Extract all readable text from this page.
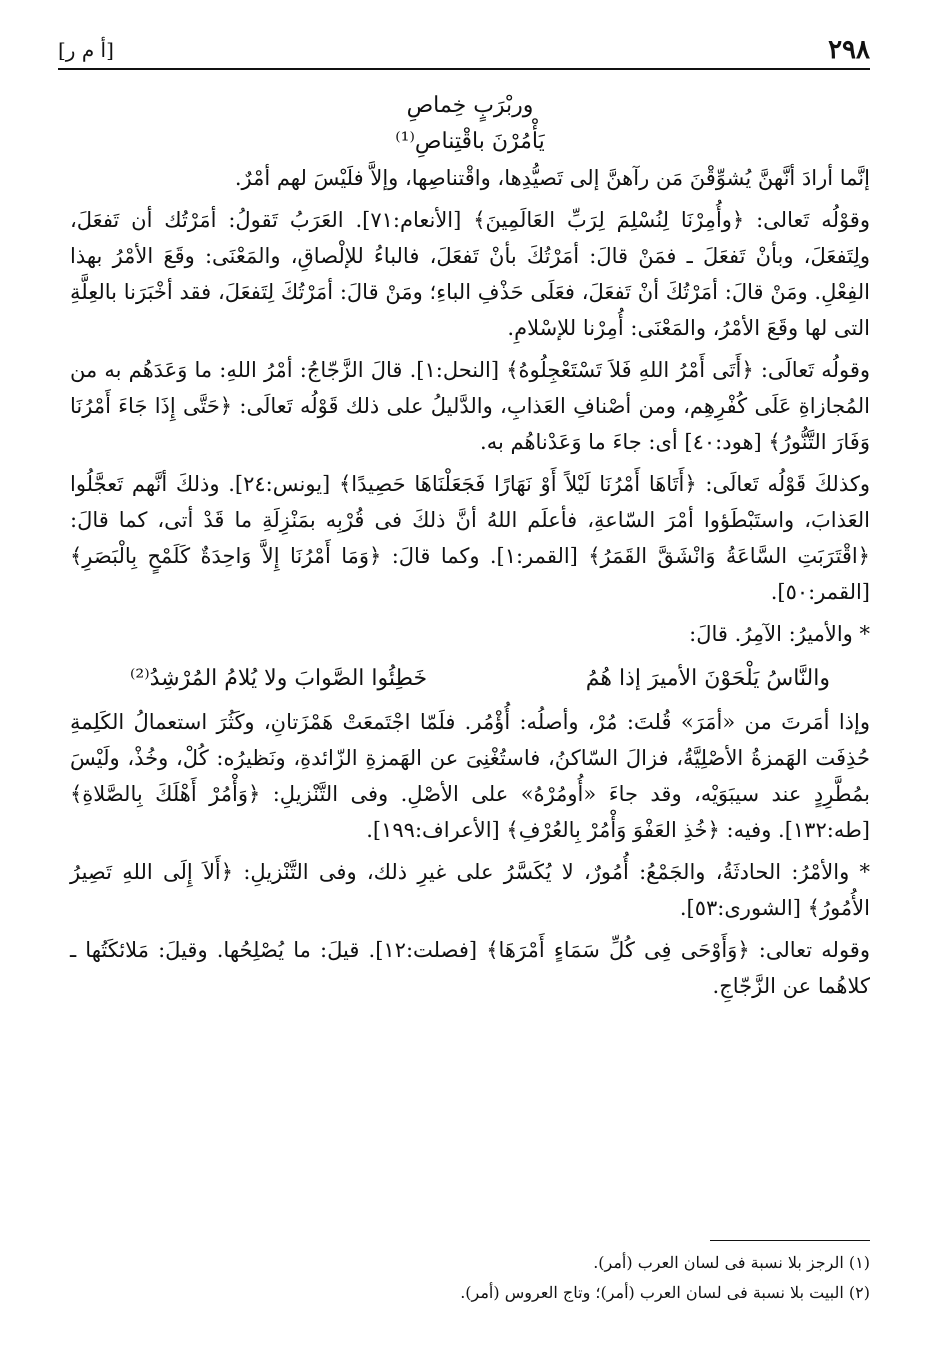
٢٩٨
[أ م ر]

وربْرَبٍ خِماصِ

يَأْمُرْنَ باقْتِناصِ⁽¹⁾

إنَّما أرادَ أنَّهنَّ يُشوِّقْنَ مَن رآهنَّ إلى تَصيُّدِها، واقْتناصِها، وإلاَّ فلَيْسَ لهم أمْرٌ.

وقوْلُه تَعالى: ﴿وأُمِرْنَا لِنُسْلِمَ لِرَبِّ العَالَمِينَ﴾ [الأنعام:٧١]. العَرَبُ تَقولُ: أمَرْتُك أن تَفعَلَ، ولِتَفعَلَ، وبأنْ تَفعَلَ ـ فمَنْ قالَ: أمَرْتُكَ بأنْ تَفعَلَ، فالباءُ للإلْصاقِ، والمَعْنَى: وقَعَ الأمْرُ بهذا الفِعْلِ. ومَنْ قالَ: أمَرْتُكَ أنْ تَفعَلَ، فعَلَى حَذْفِ الباءِ؛ ومَنْ قالَ: أمَرْتُكَ لِتَفعَلَ، فقد أخْبَرَنا بالعِلَّةِ التى لها وقَعَ الأمْرُ، والمَعْنَى: أُمِرْنا للإسْلامِ.

وقولُه تَعالَى: ﴿أَتَى أَمْرُ اللهِ فَلاَ تَسْتَعْجِلُوهُ﴾ [النحل:١]. قالَ الزَّجّاجُ: أمْرُ اللهِ: ما وَعَدَهُم به من المُجازاةِ عَلَى كُفْرِهِم، ومن أصْنافِ العَذابِ، والدَّليلُ على ذلك قَوْلُه تَعالَى: ﴿حَتَّى إِذَا جَاءَ أَمْرُنَا وَفَارَ التَّنُّورُ﴾ [هود:٤٠] أى: جاءَ ما وَعَدْناهُم به.

وكذلكَ قَوْلُه تَعالَى: ﴿أَتَاهَا أَمْرُنَا لَيْلاً أَوْ نَهَارًا فَجَعَلْنَاهَا حَصِيدًا﴾ [يونس:٢٤]. وذلكَ أنَّهم تَعجَّلُوا العَذابَ، واستَبْطَؤوا أمْرَ السّاعةِ، فأعلَم اللهُ أنَّ ذلكَ فى قُرْبِه بمَنْزِلَةِ ما قَدْ أتى، كما قالَ: ﴿اقْتَرَبَتِ السَّاعَةُ وَانْشَقَّ القَمَرُ﴾ [القمر:١]. وكما قالَ: ﴿وَمَا أَمْرُنَا إِلاَّ وَاحِدَةٌ كَلَمْحٍ بِالْبَصَرِ﴾ [القمر:٥٠].

* والأميرُ: الآمِرُ. قالَ:

والنَّاسُ يَلْحَوْنَ الأميرَ إذا هُمُ
خَطِئُوا الصَّوابَ ولا يُلامُ المُرْشِدُ⁽²⁾

وإذا أمَرتَ من «أمَرَ» قُلتَ: مُرْ، وأصلُه: أُؤْمُر. فلَمّا اجْتَمعَتْ هَمْزَتانِ، وكَثُرَ استعمالُ الكَلِمةِ حُذِفَت الهَمزةُ الأصْلِيَّةُ، فزالَ السّاكنُ، فاستُغْنِىَ عن الهَمزةِ الزّائدةِ، ونَظيرُه: كُلْ، وخُذْ، ولَيْسَ بمُطَّرِدٍ عند سيبَوَيْه، وقد جاءَ «أُومُرْهُ» على الأصْلِ. وفى التَّنْزيلِ: ﴿وَأْمُرْ أَهْلَكَ بِالصَّلاةِ﴾ [طه:١٣٢]. وفيه: ﴿خُذِ العَفْوَ وَأْمُرْ بِالعُرْفِ﴾ [الأعراف:١٩٩].

* والأمْرُ: الحادثَةُ، والجَمْعُ: أُمُورٌ، لا يُكَسَّرُ على غيرِ ذلك، وفى التَّنْزيلِ: ﴿أَلاَ إِلَى اللهِ تَصِيرُ الأُمُورُ﴾ [الشورى:٥٣].

وقوله تعالى: ﴿وَأَوْحَى فِى كُلِّ سَمَاءٍ أَمْرَهَا﴾ [فصلت:١٢]. قيلَ: ما يُصْلِحُها. وقيلَ: مَلائكَتُها ـ كلاهُما عن الزَّجّاجِ.

(١) الرجز بلا نسبة فى لسان العرب (أمر).

(٢) البيت بلا نسبة فى لسان العرب (أمر)؛ وتاج العروس (أمر).
